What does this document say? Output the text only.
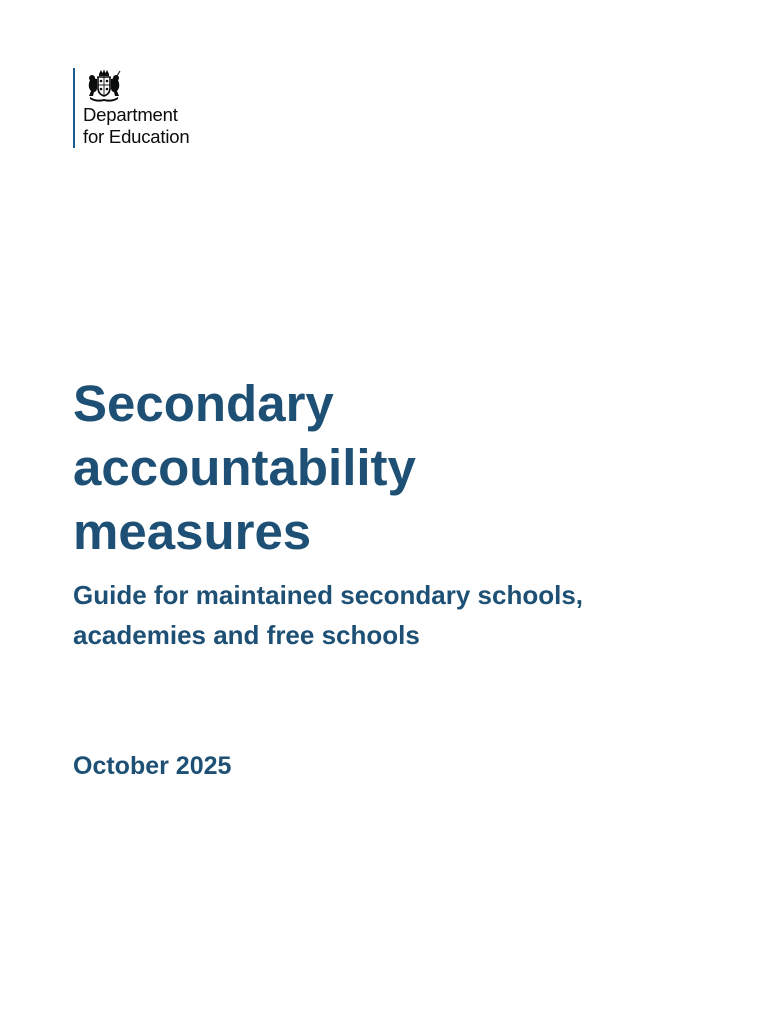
Department
for Education
Secondary
accountability
measures
Guide for maintained secondary schools,
academies and free schools

October 2025
